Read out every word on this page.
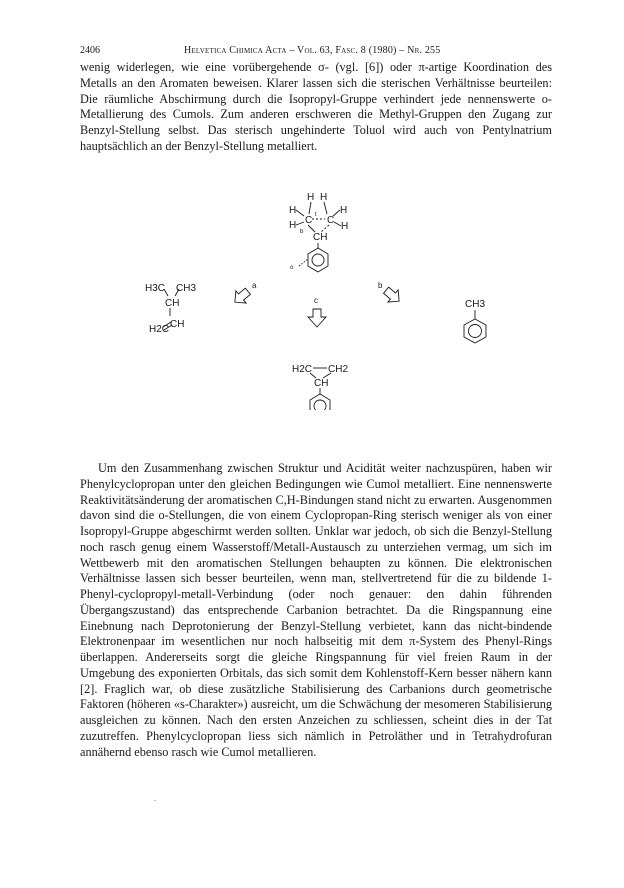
2406	Helvetica Chimica Acta – Vol. 63, Fasc. 8 (1980) – Nr. 255

wenig widerlegen, wie eine vorübergehende σ- (vgl. [6]) oder π-artige Koordination des Metalls an den Aromaten beweisen. Klarer lassen sich die sterischen Verhältnisse beurteilen: Die räumliche Abschirmung durch die Isopropyl-Gruppe verhindert jede nennenswerte o-Metallierung des Cumols. Zum anderen erschweren die Methyl-Gruppen den Zugang zur Benzyl-Stellung selbst. Das sterisch ungehinderte Toluol wird auch von Pentylnatrium hauptsächlich an der Benzyl-Stellung metalliert.

H
H H
H
C C
H	H
CH
t
b
o
H3C CH3
CH
H2C CH
a	b
c	CH3
H2C CH2
CH

Um den Zusammenhang zwischen Struktur und Acidität weiter nachzuspüren, haben wir Phenylcyclopropan unter den gleichen Bedingungen wie Cumol metalliert. Eine nennenswerte Reaktivitätsänderung der aromatischen C,H-Bindungen stand nicht zu erwarten. Ausgenommen davon sind die o-Stellungen, die von einem Cyclopropan-Ring sterisch weniger als von einer Isopropyl-Gruppe abgeschirmt werden sollten. Unklar war jedoch, ob sich die Benzyl-Stellung noch rasch genug einem Wasserstoff/Metall-Austausch zu unterziehen vermag, um sich im Wettbewerb mit den aromatischen Stellungen behaupten zu können. Die elektronischen Verhältnisse lassen sich besser beurteilen, wenn man, stellvertretend für die zu bildende 1-Phenyl-cyclopropyl-metall-Verbindung (oder noch genauer: den dahin führenden Übergangszustand) das entsprechende Carbanion betrachtet. Da die Ringspannung eine Einebnung nach Deprotonierung der Benzyl-Stellung verbietet, kann das nicht-bindende Elektronenpaar im wesentlichen nur noch halbseitig mit dem π-System des Phenyl-Rings überlappen. Andererseits sorgt die gleiche Ringspannung für viel freien Raum in der Umgebung des exponierten Orbitals, das sich somit dem Kohlenstoff-Kern besser nähern kann [2]. Fraglich war, ob diese zusätzliche Stabilisierung des Carbanions durch geometrische Faktoren (höheren «s-Charakter») ausreicht, um die Schwächung der mesomeren Stabilisierung ausgleichen zu können. Nach den ersten Anzeichen zu schliessen, scheint dies in der Tat zuzutreffen. Phenylcyclopropan liess sich nämlich in Petroläther und in Tetrahydrofuran annähernd ebenso rasch wie Cumol metallieren.
